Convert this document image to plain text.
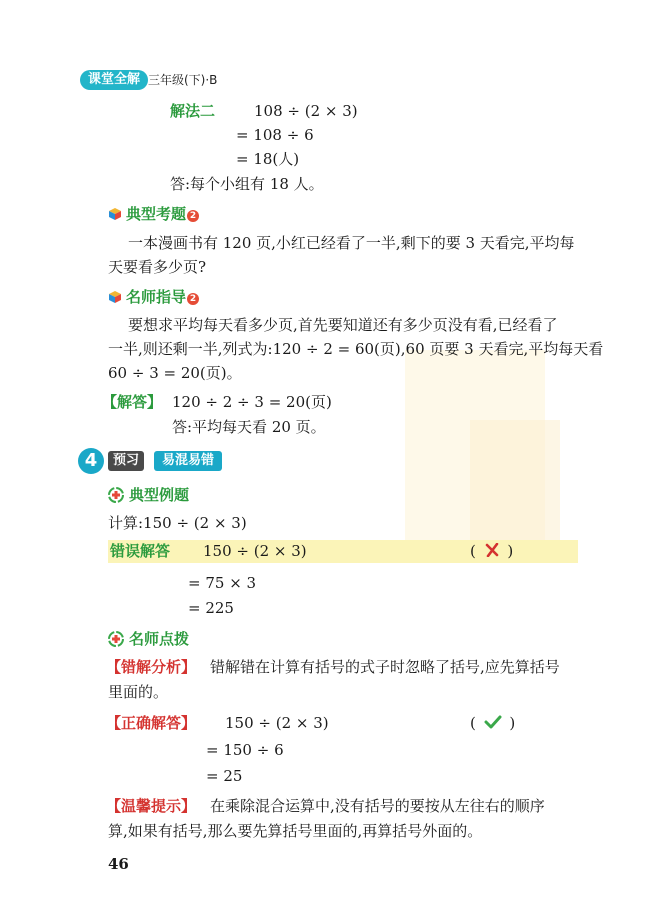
课堂全解 三年级(下)·B
解法二	108 ÷ (2 × 3)
= 108 ÷ 6
= 18(人)
答:每个小组有 18 人。
典型考题 2
一本漫画书有 120 页,小红已经看了一半,剩下的要 3 天看完,平均每
天要看多少页?
名师指导 2
要想求平均每天看多少页,首先要知道还有多少页没有看,已经看了
一半,则还剩一半,列式为:120 ÷ 2 = 60(页),60 页要 3 天看完,平均每天看
60 ÷ 3 = 20(页)。
【解答】 120 ÷ 2 ÷ 3 = 20(页)
答:平均每天看 20 页。
4	预习	易混易错
典型例题
计算:150 ÷ (2 × 3)
错误解答 150 ÷ (2 × 3)	( )
= 75 × 3
= 225
名师点拨
【错解分析】 错解错在计算有括号的式子时忽略了括号,应先算括号
里面的。
【正确解答】 150 ÷ (2 × 3)	( )
= 150 ÷ 6
= 25
【温馨提示】 在乘除混合运算中,没有括号的要按从左往右的顺序
算,如果有括号,那么要先算括号里面的,再算括号外面的。
46
